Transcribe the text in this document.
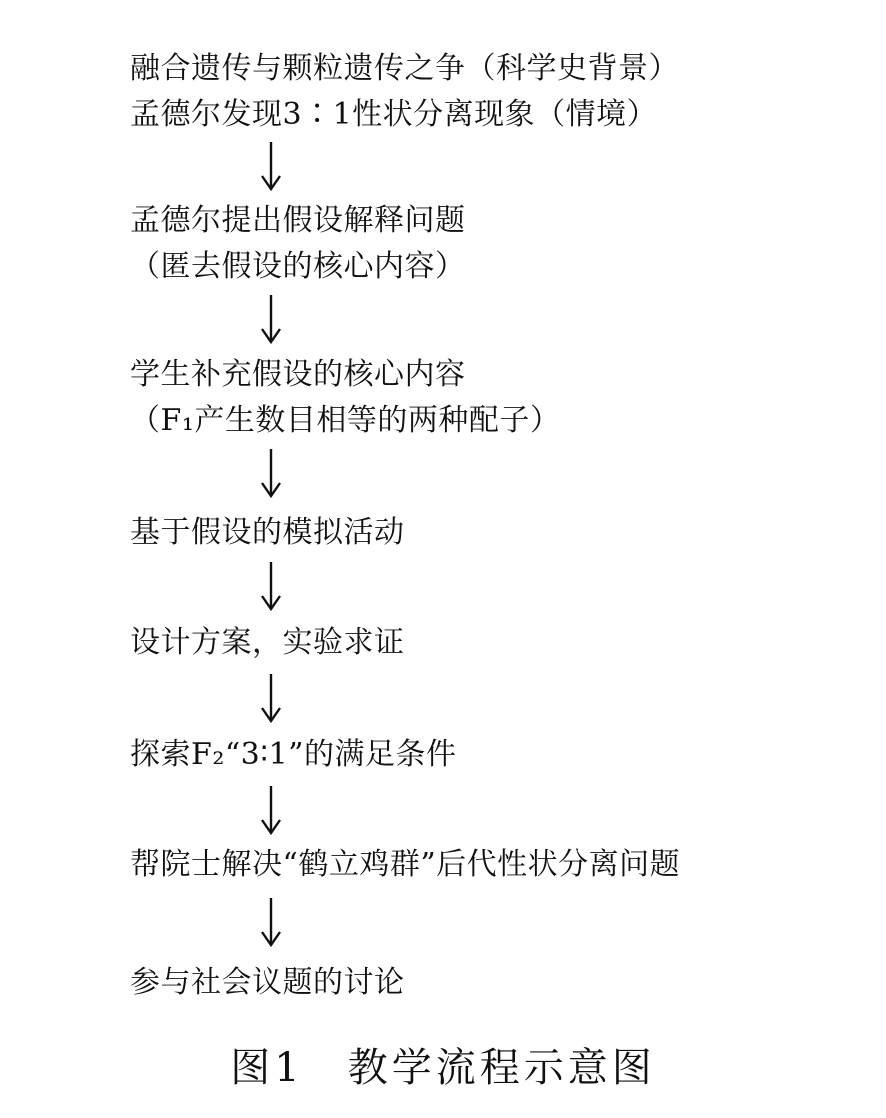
融合遗传与颗粒遗传之争（科学史背景）
孟德尔发现3∶1性状分离现象（情境）
孟德尔提出假设解释问题
（匿去假设的核心内容）
学生补充假设的核心内容
（F₁产生数目相等的两种配子）
基于假设的模拟活动
设计方案，实验求证
探索F₂“3∶1”的满足条件
帮院士解决“鹤立鸡群”后代性状分离问题
参与社会议题的讨论
图1 教学流程示意图
